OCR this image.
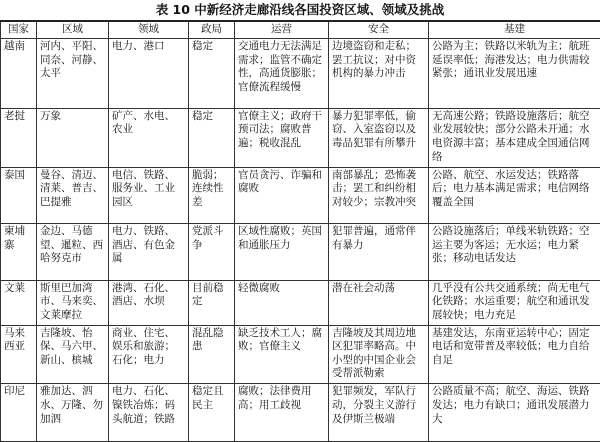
表 10 中新经济走廊沿线各国投资区域、领域及挑战
国家	区域	领域	政局	运营	安全	基建
越南	河内、平阳、同奈、河静、太平	电力、港口	稳定	交通电力无法满足需求；监管不确定性，高通货膨胀；官僚流程缓慢	边境盗窃和走私；罢工抗议；对中资机构的暴力冲击	公路为主；铁路以米轨为主；航班延误率低；海港发达；电力供需较紧张；通讯业发展迅速
老挝	万象	矿产、水电、农业	稳定	官僚主义；政府干预司法；腐败普遍；税收混乱	暴力犯罪率低，偷窃、入室盗窃以及毒品犯罪有所攀升	无高速公路；铁路设施落后；航空业发展较快；部分公路未开通；水电资源丰富；基本建成全国通信网络
泰国	曼谷、清迈、清莱、普吉、巴提雅	电信、铁路、服务业、工业园区	脆弱；连续性差	官员贪污、诈骗和腐败	南部暴乱；恐怖袭击；罢工和纠纷相对较少；宗教冲突	公路、航空、水运发达；铁路落后；电力基本满足需求；电信网络覆盖全国
柬埔寨	金边、马德望、暹粒、西哈努克市	电力、铁路、酒店、有色金属	党派斗争	区域性腐败；英国和通胀压力	犯罪普遍，通常伴有暴力	公路设施落后；单线米轨铁路；空运主要为客运；无水运；电力紧张；移动电话发达
文莱	斯里巴加湾市、马来奕、文莱摩拉	港湾、石化、酒店、水坝	目前稳定	轻微腐败	潜在社会动荡	几乎没有公共交通系统；尚无电气化铁路；水运重要；航空和通讯发展较快；电力充足
马来西亚	吉隆坡、怡保、马六甲、新山、槟城	商业、住宅、娱乐和旅游；石化；电力	混乱隐患	缺乏技术工人；腐败；官僚主义	吉隆坡及其周边地区犯罪率略高。中小型的中国企业会受帮派勒索	基建发达，东南亚运转中心；固定电话和宽带普及率较低；电力自给自足
印尼	雅加达、泗水、万隆、勿加泗	电力、石化、镍铁冶炼；码头航道；铁路	稳定且民主	腐败；法律费用高；用工歧视	犯罪频发，军队行动，分裂主义游行及伊斯兰极端	公路质量不高；航空、海运、铁路发达；电力有缺口；通讯发展潜力大
